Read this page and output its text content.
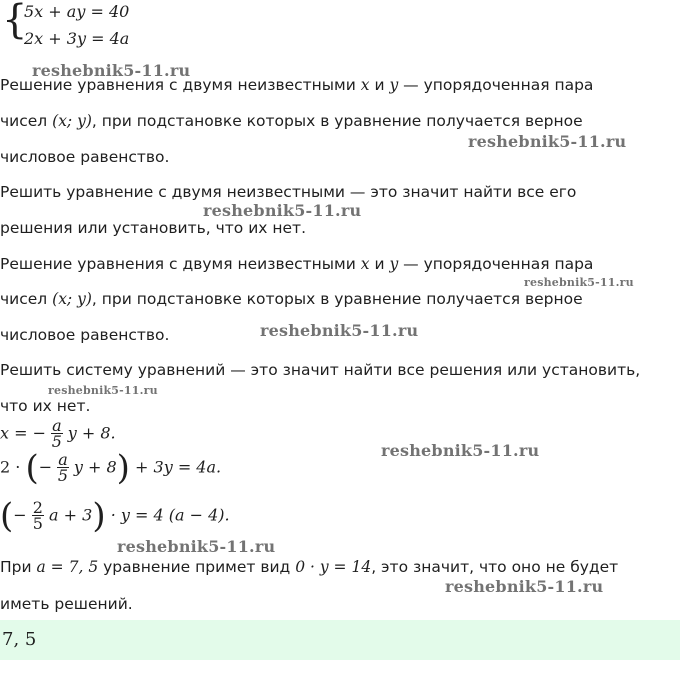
{
5x + ay = 40
2x + 3y = 4a
Решение уравнения с двумя неизвестными x и y — упорядоченная пара
чисел (x; y), при подстановке которых в уравнение получается верное
числовое равенство.
Решить уравнение с двумя неизвестными — это значит найти все его
решения или установить, что их нет.
Решение уравнения с двумя неизвестными x и y — упорядоченная пара
чисел (x; y), при подстановке которых в уравнение получается верное
числовое равенство.
Решить систему уравнений — это значит найти все решения или установить,
что их нет.
x = − $\frac{a}{5}$ y + 8.
2 · (− $\frac{a}{5}$ y + 8) + 3y = 4a.
(− $\frac{2}{5}$ a + 3) · y = 4 (a − 4).
При a = 7, 5 уравнение примет вид 0 · y = 14, это значит, что оно не будет
иметь решений.
7, 5
reshebnik5-11.ru
reshebnik5-11.ru
reshebnik5-11.ru
reshebnik5-11.ru
reshebnik5-11.ru
reshebnik5-11.ru
reshebnik5-11.ru
reshebnik5-11.ru
reshebnik5-11.ru
